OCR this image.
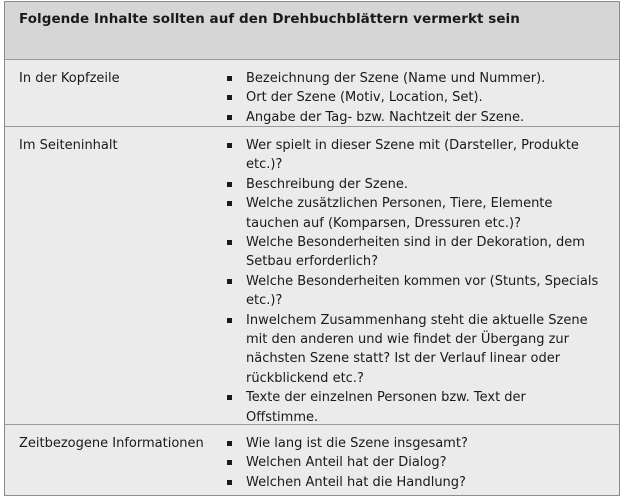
Folgende Inhalte sollten auf den Drehbuchblättern vermerkt sein
In der Kopfzeile	Bezeichnung der Szene (Name und Nummer).
Ort der Szene (Motiv, Location, Set).
Angabe der Tag- bzw. Nachtzeit der Szene.
Im Seiteninhalt	Wer spielt in dieser Szene mit (Darsteller, Produkte etc.)?
Beschreibung der Szene.
Welche zusätzlichen Personen, Tiere, Elemente tauchen auf (Komparsen, Dressuren etc.)?
Welche Besonderheiten sind in der Dekoration, dem Setbau erforderlich?
Welche Besonderheiten kommen vor (Stunts, Specials etc.)?
Inwelchem Zusammenhang steht die aktuelle Szene mit den anderen und wie findet der Übergang zur nächsten Szene statt? Ist der Verlauf linear oder rückblickend etc.?
Texte der einzelnen Personen bzw. Text der Offstimme.
Zeitbezogene Informationen	Wie lang ist die Szene insgesamt?
Welchen Anteil hat der Dialog?
Welchen Anteil hat die Handlung?
